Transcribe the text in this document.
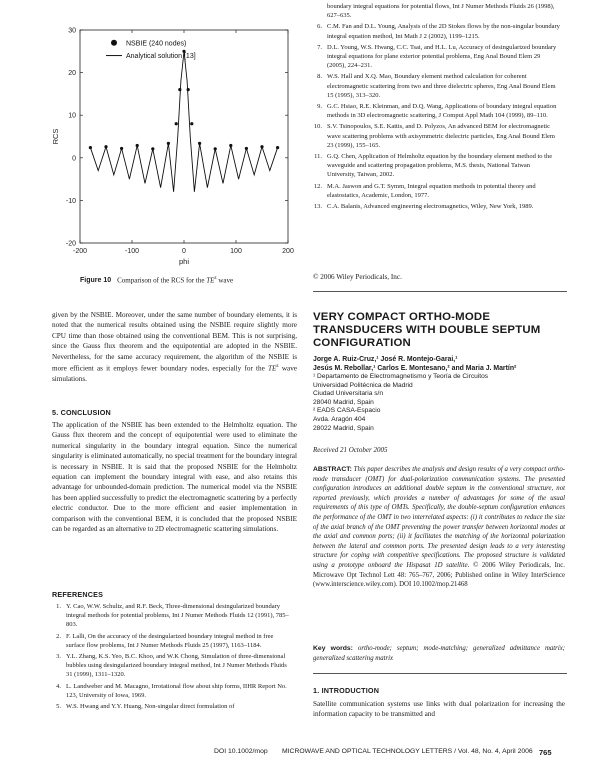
30
20
10
0
-10
-20
-200	-100	0	100	200
phi
RCS
NSBIE (240 nodes)
Analytical solution [13]
Figure 10 Comparison of the RCS for the $TE^z$ wave

given by the NSBIE. Moreover, under the same number of boundary elements, it is noted that the numerical results obtained using the NSBIE require slightly more CPU time than those obtained using the conventional BEM. This is not surprising, since the Gauss flux theorem and the equipotential are adopted in the NSBIE. Nevertheless, for the same accuracy requirement, the algorithm of the NSBIE is more efficient as it employs fewer boundary nodes, especially for the $TE^z$ wave simulations.

5. CONCLUSION

The application of the NSBIE has been extended to the Helmholtz equation. The Gauss flux theorem and the concept of equipotential were used to eliminate the numerical singularity in the boundary integral equation. Since the numerical singularity is eliminated automatically, no special treatment for the boundary integral is necessary in NSBIE. It is said that the proposed NSBIE for the Helmholtz equation can implement the boundary integral with ease, and also retains this advantage for unbounded-domain prediction. The numerical model via the NSBIE has been applied successfully to predict the electromagnetic scattering by a perfectly electric conductor. Due to the more efficient and easier implementation in comparison with the conventional BEM, it is concluded that the proposed NSBIE can be regarded as an alternative to 2D electromagnetic scattering simulations.

REFERENCES

1. Y. Cao, W.W. Schultz, and R.F. Beck, Three-dimensional desingularized boundary integral methods for potential problems, Int J Numer Methods Fluids 12 (1991), 785–803.
2. F. Lalli, On the accuracy of the desingularized boundary integral method in free surface flow problems, Int J Numer Methods Fluids 25 (1997), 1163–1184.
3. Y.L. Zhang, K.S. Yeo, B.C. Khoo, and W.K Chong, Simulation of three-dimensional bubbles using desingularized boundary integral method, Int J Numer Methods Fluids 31 (1999), 1311–1320.
4. L. Landweber and M. Macagno, Irrotational flow about ship forms, IIHR Report No. 123, University of Iowa, 1969.
5. W.S. Hwang and Y.Y. Huang, Non-singular direct formulation of
boundary integral equations for potential flows, Int J Numer Methods Fluids 26 (1998), 627–635.
6. C.M. Fan and D.L. Young, Analysis of the 2D Stokes flows by the non-singular boundary integral equation method, Int Math J 2 (2002), 1199–1215.
7. D.L. Young, W.S. Hwang, C.C. Tsai, and H.L. Lu, Accuracy of desingularized boundary integral equations for plane exterior potential problems, Eng Anal Bound Elem 29 (2005), 224–231.
8. W.S. Hall and X.Q. Mao, Boundary element method calculation for coherent electromagnetic scattering from two and three dielectric spheres, Eng Anal Bound Elem 15 (1995), 313–320.
9. G.C. Hsiao, R.E. Kleinman, and D.Q. Wang, Applications of boundary integral equation methods in 3D electromagnetic scattering, J Comput Appl Math 104 (1999), 89–110.
10. S.V. Tsinopoulos, S.E. Kattis, and D. Polyzos, An advanced BEM for electromagnetic wave scattering problems with axisymmetric dielectric particles, Eng Anal Bound Elem 23 (1999), 155–165.
11. G.Q. Chen, Application of Helmholtz equation by the boundary element method to the waveguide and scattering propagation problems, M.S. thesis, National Taiwan University, Taiwan, 2002.
12. M.A. Jaswon and G.T. Symm, Integral equation methods in potential theory and elastostatics, Academic, London, 1977.
13. C.A. Balanis, Advanced engineering electromagnetics, Wiley, New York, 1989.

© 2006 Wiley Periodicals, Inc.

VERY COMPACT ORTHO-MODE TRANSDUCERS WITH DOUBLE SEPTUM CONFIGURATION

Jorge A. Ruiz-Cruz,¹ José R. Montejo-Garai,¹

Jesús M. Rebollar,¹ Carlos E. Montesano,² and Maria J. Martín²

¹ Departamento de Electromagnetismo y Teoría de Circuitos

Universidad Politécnica de Madrid

Ciudad Universitaria s/n

28040 Madrid, Spain

² EADS CASA-Espacio

Avda. Aragón 404

28022 Madrid, Spain

Received 21 October 2005

ABSTRACT: This paper describes the analysis and design results of a very compact ortho-mode transducer (OMT) for dual-polarization communication systems. The presented configuration introduces an additional double septum in the conventional structure, not reported previously, which provides a number of advantages for some of the usual requirements of this type of OMTs. Specifically, the double-septum configuration enhances the performance of the OMT in two interrelated aspects: (i) it contributes to reduce the size of the axial branch of the OMT preventing the power transfer between horizontal modes at the axial and common ports; (ii) it facilitates the matching of the horizontal polarization between the lateral and common ports. The presented design leads to a very interesting structure for coping with competitive specifications. The proposed structure is validated using a prototype onboard the Hispasat 1D satellite. © 2006 Wiley Periodicals, Inc. Microwave Opt Technol Lett 48: 765–767, 2006; Published online in Wiley InterScience (www.interscience.wiley.com). DOI 10.1002/mop.21468

Key words: ortho-mode; septum; mode-matching; generalized admittance matrix; generalized scattering matrix

1. INTRODUCTION

Satellite communication systems use links with dual polarization for increasing the information capacity to be transmitted and

DOI 10.1002/mop MICROWAVE AND OPTICAL TECHNOLOGY LETTERS / Vol. 48, No. 4, April 2006 765
